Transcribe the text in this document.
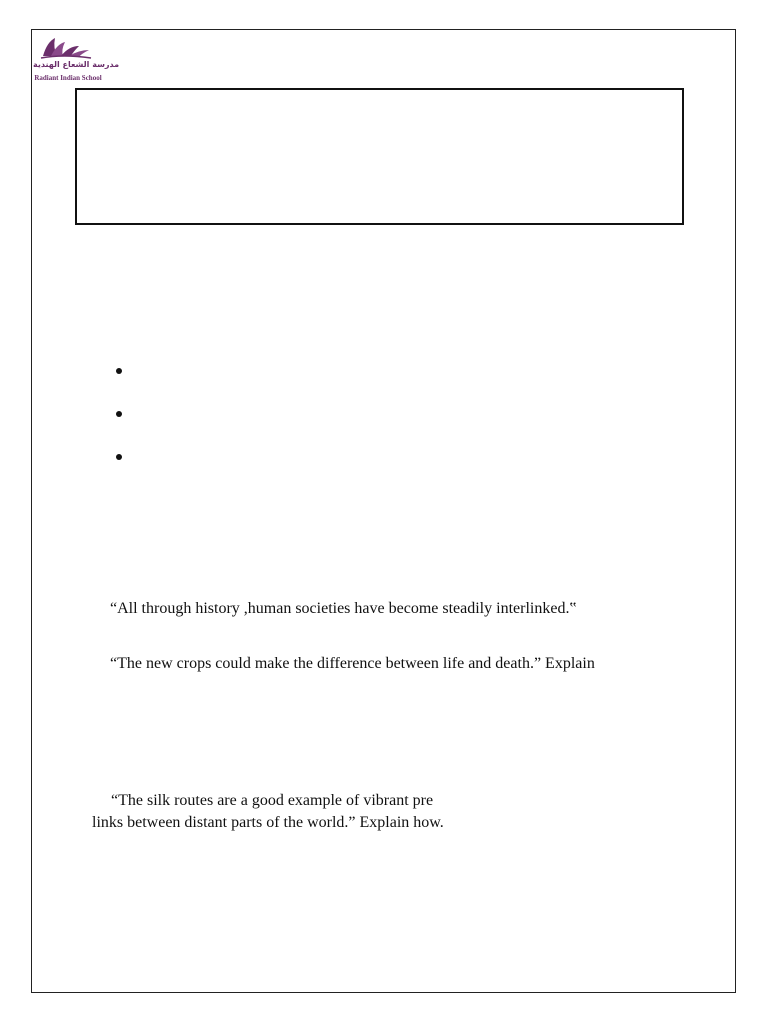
مدرسة الشعاع الهندية
Radiant Indian School
“All through history ,human societies have become steadily interlinked.‟
“The new crops could make the difference between life and death.” Explain
“The silk routes are a good example of vibrant pre
links between distant parts of the world.” Explain how.
